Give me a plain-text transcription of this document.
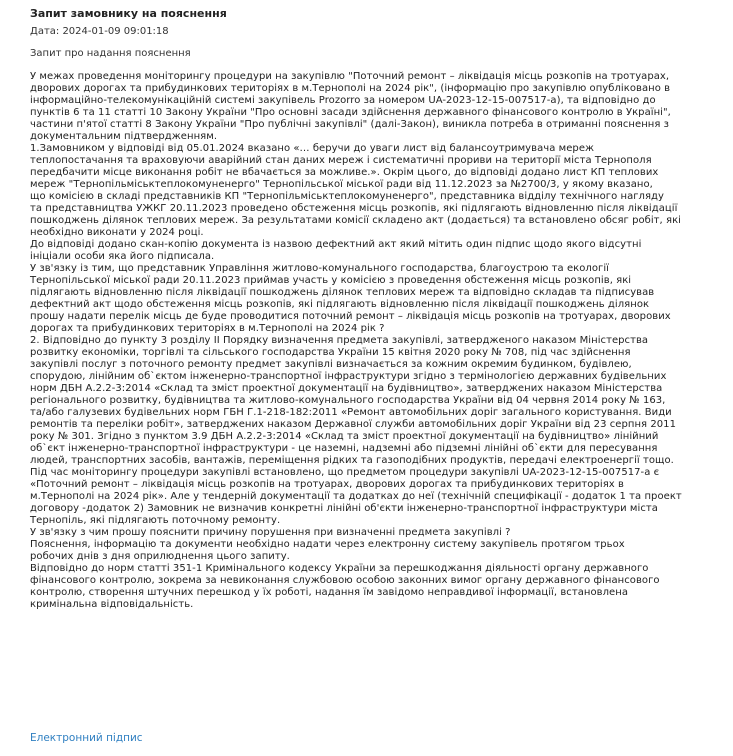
Запит замовнику на пояснення
Дата: 2024-01-09 09:01:18
Запит про надання пояснення

У межах проведення моніторингу процедури на закупівлю "Поточний ремонт – ліквідація місць розкопів на тротуарах,

дворових дорогах та прибудинкових територіях в м.Тернополі на 2024 рік", (інформацію про закупівлю опубліковано в

інформаційно-телекомунікаційній системі закупівель Prozorro за номером UA-2023-12-15-007517-a), та відповідно до

пунктів 6 та 11 статті 10 Закону України "Про основні засади здійснення державного фінансового контролю в Україні",

частини п'ятої статті 8 Закону України "Про публічні закупівлі" (далі-Закон), виникла потреба в отриманні пояснення з

документальним підтвердженням.

1.Замовником у відповіді від 05.01.2024 вказано «… беручи до уваги лист від балансоутримувача мереж

теплопостачання та враховуючи аварійний стан даних мереж і систематичні прориви на території міста Тернополя

передбачити місце виконання робіт не вбачається за можливе.». Окрім цього, до відповіді додано лист КП теплових

мереж "Тернопільміськтеплокомуненерго" Тернопільської міської ради від 11.12.2023 за №2700/3, у якому вказано,

що комісією в складі представників КП "Тернопільміськтеплокомуненерго", представника відділу технічного нагляду

та представництва УЖКГ 20.11.2023 проведено обстеження місць розкопів, які підлягають відновленню після ліквідації

пошкоджень ділянок теплових мереж. За результатами комісії складено акт (додається) та встановлено обсяг робіт, які

необхідно виконати у 2024 році.

До відповіді додано скан-копію документа із назвою дефектний акт який мітить один підпис щодо якого відсутні

ініціали особи яка його підписала.

У зв'язку із тим, що представник Управління житлово-комунального господарства, благоустрою та екології

Тернопільської міської ради 20.11.2023 приймав участь у комісією з проведення обстеження місць розкопів, які

підлягають відновленню після ліквідації пошкоджень ділянок теплових мереж та відповідно складав та підписував

дефектний акт щодо обстеження місць розкопів, які підлягають відновленню після ліквідації пошкоджень ділянок

прошу надати перелік місць де буде проводитися поточний ремонт – ліквідація місць розкопів на тротуарах, дворових

дорогах та прибудинкових територіях в м.Тернополі на 2024 рік ?

2. Відповідно до пункту 3 розділу II Порядку визначення предмета закупівлі, затвердженого наказом Міністерства

розвитку економіки, торгівлі та сільського господарства України 15 квітня 2020 року № 708, під час здійснення

закупівлі послуг з поточного ремонту предмет закупівлі визначається за кожним окремим будинком, будівлею,

спорудою, лінійним об`єктом інженерно-транспортної інфраструктури згідно з термінологією державних будівельних

норм ДБН А.2.2-3:2014 «Склад та зміст проектної документації на будівництво», затверджених наказом Міністерства

регіонального розвитку, будівництва та житлово-комунального господарства України від 04 червня 2014 року № 163,

та/або галузевих будівельних норм ГБН Г.1-218-182:2011 «Ремонт автомобільних доріг загального користування. Види

ремонтів та переліки робіт», затверджених наказом Державної служби автомобільних доріг України від 23 серпня 2011

року № 301. Згідно з пунктом 3.9 ДБН А.2.2-3:2014 «Склад та зміст проектної документації на будівництво» лінійний

об`єкт інженерно-транспортної інфраструктури - це наземні, надземні або підземні лінійні об`єкти для пересування

людей, транспортних засобів, вантажів, переміщення рідких та газоподібних продуктів, передачі електроенергії тощо.

Під час моніторингу процедури закупівлі встановлено, що предметом процедури закупівлі UA-2023-12-15-007517-a є

«Поточний ремонт – ліквідація місць розкопів на тротуарах, дворових дорогах та прибудинкових територіях в

м.Тернополі на 2024 рік». Але у тендерній документації та додатках до неї (технічній специфікації - додаток 1 та проект

договору -додаток 2) Замовник не визначив конкретні лінійні об'єкти інженерно-транспортної інфраструктури міста

Тернопіль, які підлягають поточному ремонту.

У зв'язку з чим прошу пояснити причину порушення при визначенні предмета закупівлі ?

Пояснення, інформацію та документи необхідно надати через електронну систему закупівель протягом трьох

робочих днів з дня оприлюднення цього запиту.

Відповідно до норм статті 351-1 Кримінального кодексу України за перешкоджання діяльності органу державного

фінансового контролю, зокрема за невиконання службовою особою законних вимог органу державного фінансового

контролю, створення штучних перешкод у їх роботі, надання їм завідомо неправдивої інформації, встановлена

кримінальна відповідальність.

Електронний підпис
